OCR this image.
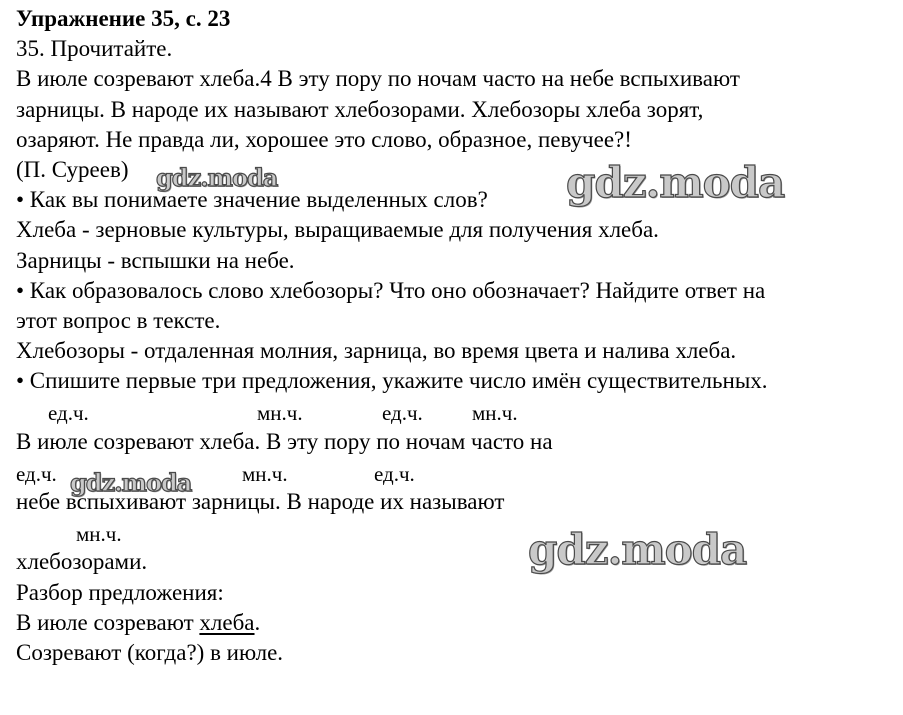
Упражнение 35, с. 23
35. Прочитайте.
В июле созревают хлеба.4 В эту пору по ночам часто на небе вспыхивают
зарницы. В народе их называют хлебозорами. Хлебозоры хлеба зорят,
озаряют. Не правда ли, хорошее это слово, образное, певучее?!
(П. Суреев)
• Как вы понимаете значение выделенных слов?
Хлеба - зерновые культуры, выращиваемые для получения хлеба.
Зарницы - вспышки на небе.
• Как образовалось слово хлебозоры? Что оно обозначает? Найдите ответ на
этот вопрос в тексте.
Хлебозоры - отдаленная молния, зарница, во время цвета и налива хлеба.
• Спишите первые три предложения, укажите число имён существительных.
ед.ч.	мн.ч.	ед.ч. мн.ч.
В июле созревают хлеба. В эту пору по ночам часто на
ед.ч.	мн.ч.	ед.ч.
небе вспыхивают зарницы. В народе их называют
мн.ч.
хлебозорами.
Разбор предложения:
В июле созревают хлеба.
Созревают (когда?) в июле.
gdz.moda	gdz.moda
gdz.moda
gdz.moda
